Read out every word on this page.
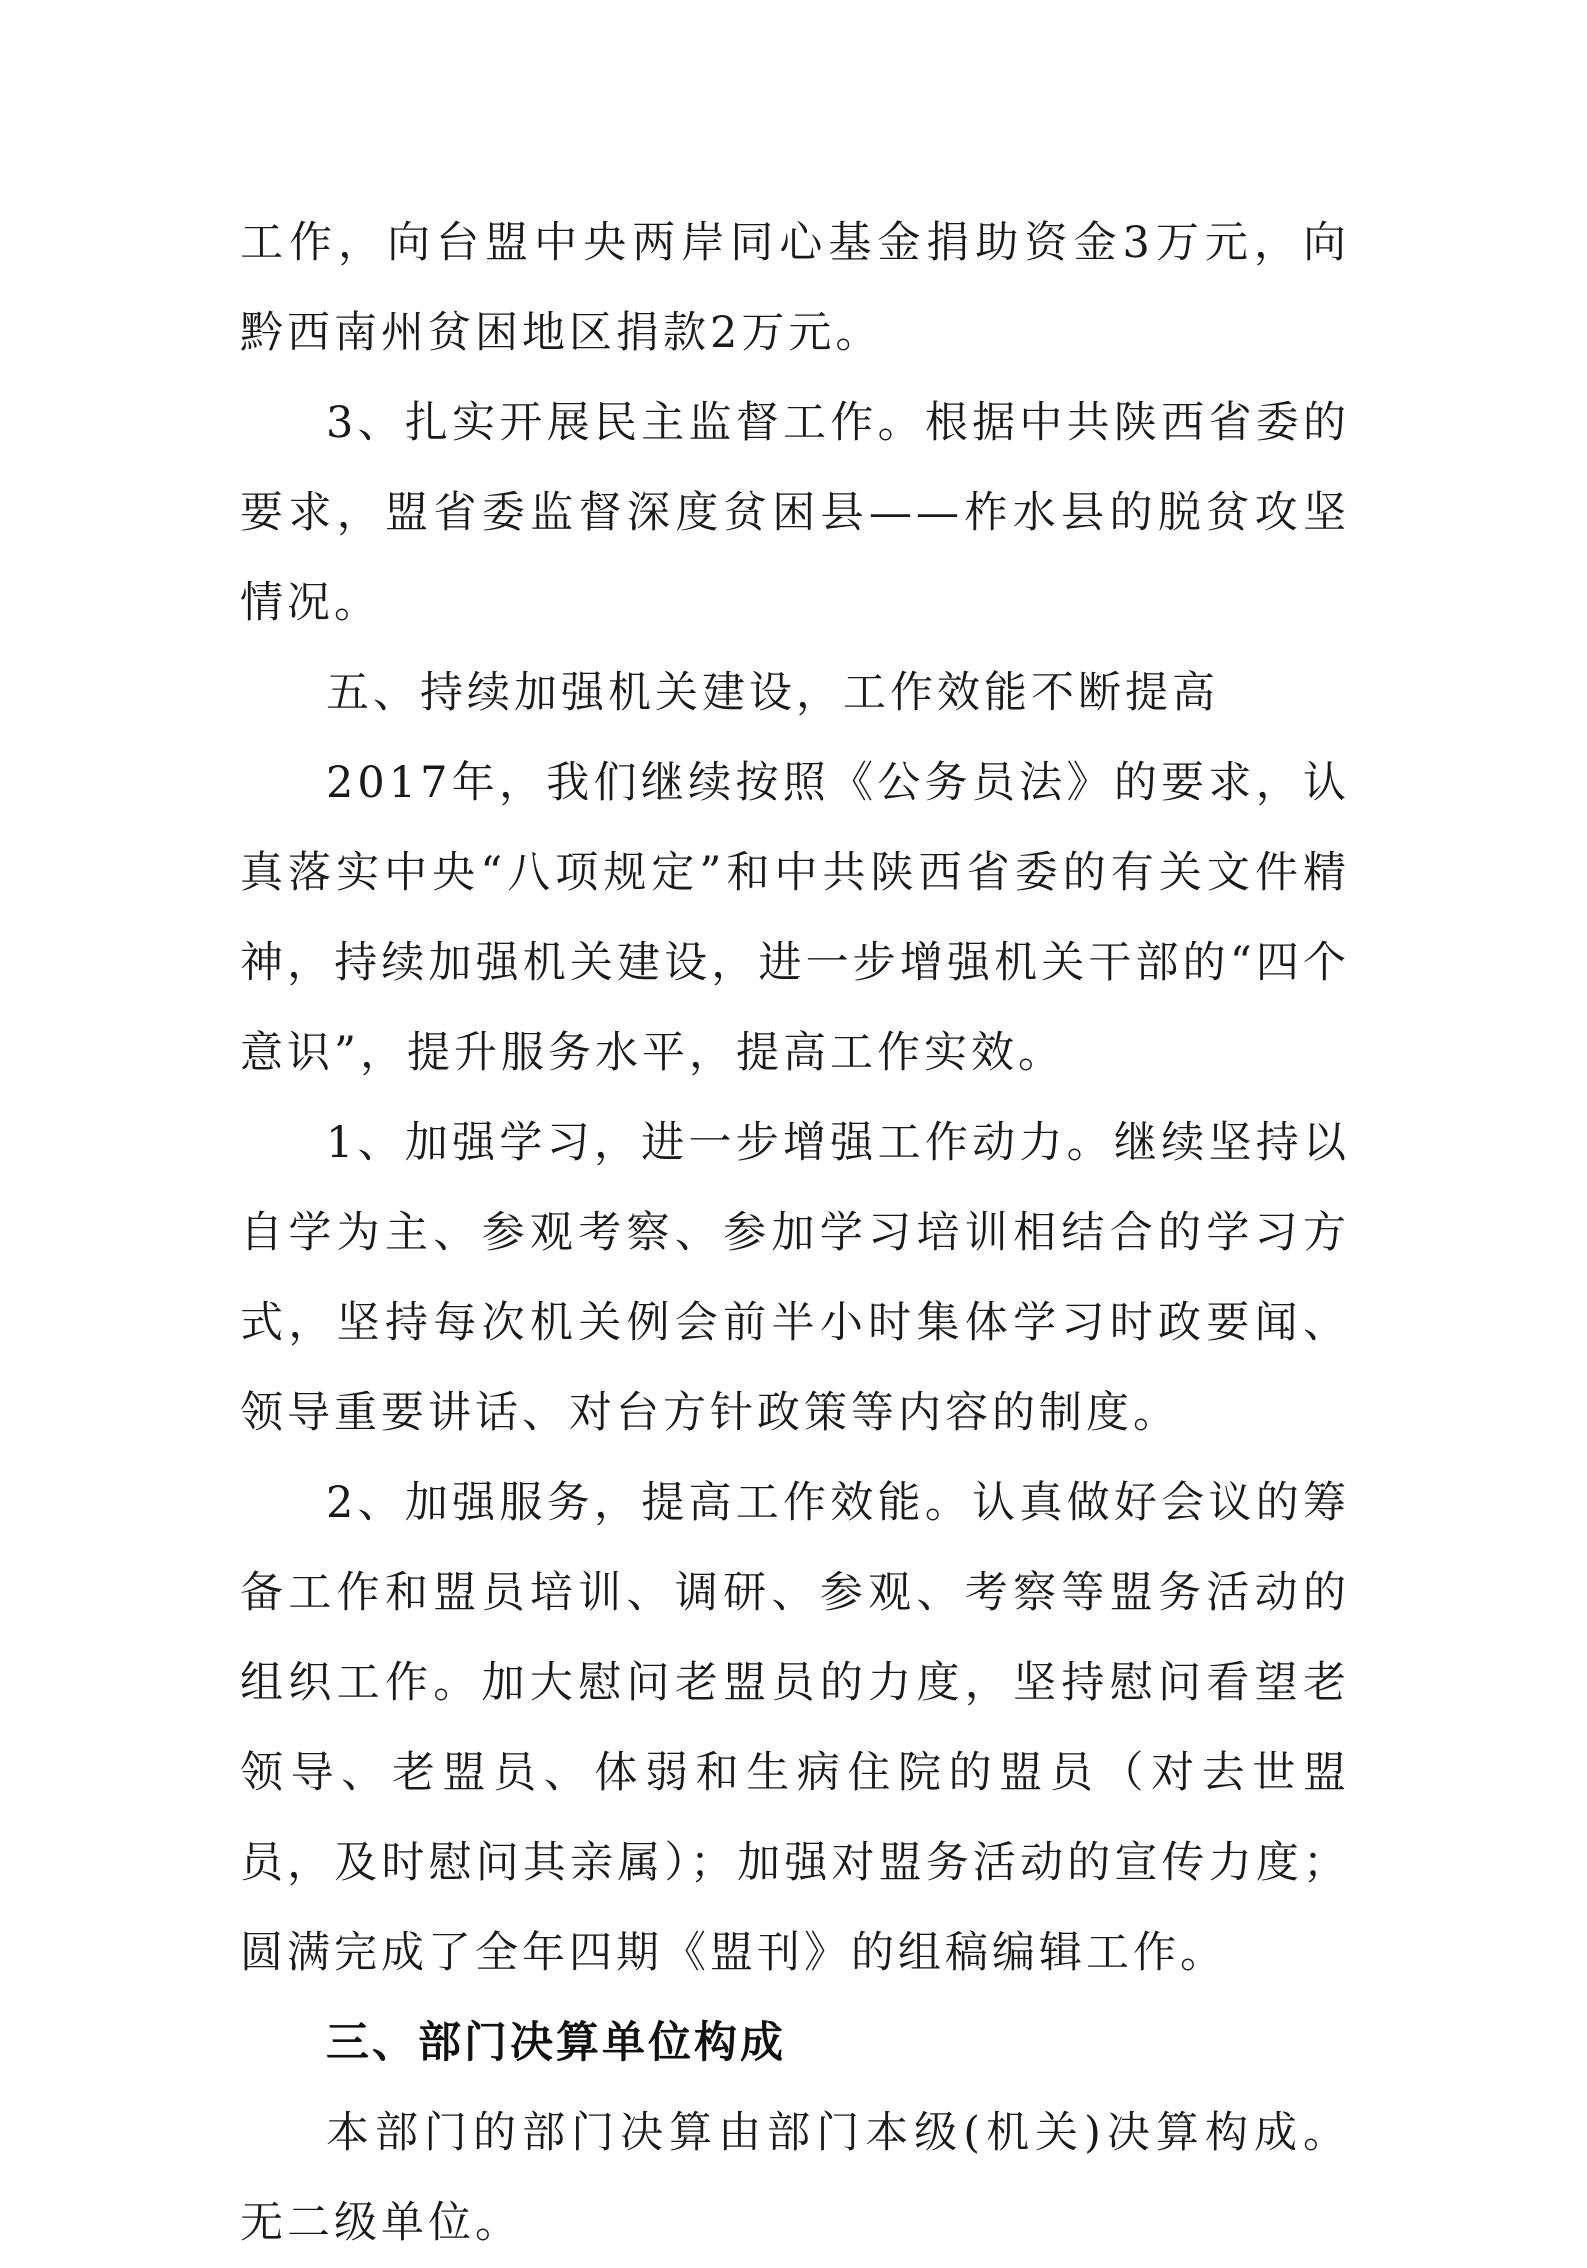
工作，向台盟中央两岸同心基金捐助资金3万元，向黔西南州贫困地区捐款2万元。

3、扎实开展民主监督工作。根据中共陕西省委的要求，盟省委监督深度贫困县——柞水县的脱贫攻坚情况。

五、持续加强机关建设，工作效能不断提高

2017年，我们继续按照《公务员法》的要求，认真落实中央“八项规定”和中共陕西省委的有关文件精神，持续加强机关建设，进一步增强机关干部的“四个意识”，提升服务水平，提高工作实效。

1、加强学习，进一步增强工作动力。继续坚持以自学为主、参观考察、参加学习培训相结合的学习方式，坚持每次机关例会前半小时集体学习时政要闻、领导重要讲话、对台方针政策等内容的制度。

2、加强服务，提高工作效能。认真做好会议的筹备工作和盟员培训、调研、参观、考察等盟务活动的组织工作。加大慰问老盟员的力度，坚持慰问看望老领导、老盟员、体弱和生病住院的盟员（对去世盟员，及时慰问其亲属）；加强对盟务活动的宣传力度；圆满完成了全年四期《盟刊》的组稿编辑工作。

三、部门决算单位构成

本部门的部门决算由部门本级(机关)决算构成。无二级单位。
